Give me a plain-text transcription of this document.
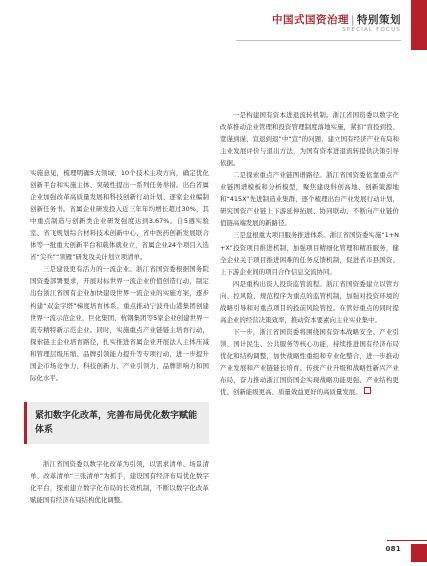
中国式国资治理 | 特别策划
SPECIAL FOCUS

实施意见，梳理明确5大领域、10个技术主攻方向，确定优化创新平台和实施主体、突破性提出一系列任务举措。出台省属企业加强改革高质量发展和科技创新行动计划、逐家企业编制创新任务书。省属企业研发投入近三年年均增长超过30%，其中重点制造与创新类企业研发强度达到3.67%。自5週实验室、省飞规划综合材料技术创新中心、省中医药创新发展联合体等一批重大创新平台和载体就业立，省属企业24个项目入选省“尖兵”“领雁”研发攻关计划立项清单。

三是建设更有活力的一流企业。浙江省国资委根据国务院国资委部署要求，开展对标世界一流企业价值创造行动，制定出台浙江省国有企业加快建设世界一流企业的实施方案，逐步构建“双金字塔”梯度培育体系。重点推动宁波舟山港集团创建世界一流示范企业，巨化集团、杭钢集团等5家企业创建世界一流专精特新示范企业。同时，实施重点产业链链主培育行动，探索链主企业培育路径，扎实推进省属企业开展法人主体压减和管理层级压缩、品牌引领能力提升等专项行动，进一步提升国企市场竞争力、科技创新力、产业引领力、品牌影响力和国际化水平。

紧扣数字化改革，完善布局优化数字赋能体系

浙江省国资委以数字化改革为引领，以需求清单、场景清单、改革清单“三张清单”为抓手，建设国有经济布局优化数字化平台，探索建立数字化布局的长效机制，不断以数字化改革赋能国有经济布局结构优化调整。

一是构建国有资本进退流转机制。浙江省国资委以数字化改革推动企业管理和投资管理制度落地实施，紧扣“盲投到投、宽谨到谨、宣退到退”中“宣”的问题，建立国有经济产业布局和主业发展评价与退出方法，为国有资本进退流转提供决策引导依据。

二是探索重点产业链图谱路径。浙江省国资委依靠重点产业链图谱模板和分析模型，聚焦建设科创高地、创新策源地和“415X”先进制造业集群，逐个梳理出台产业发展行动计划，研究国资产业链上下游延伸拓展、协同联动，不断向产业链价值链高端发展的新路径。

三是盘根重大项目服务推进体系。浙江省国资委实施“1+N+X”投资项目推进机制，加强项目精细化管理和精准服务，健全企业关于项目推进困难的任务反馈机制，促进省市县国资、上下游企业间的项目合作信息交流协同。

四是重构出资人投资监管流程。浙江省国资委建立以管方向、控风险、规范程序为重点的监管机制，加强对投资环境的战略引导和对重点项目的投前风险管控。在管好重点的同时提高企业的经营决策效率，推动资本要素向主业实业集中。

下一步，浙江省国资委将围绕国有资本战略安全、产业引领、国计民生、公共服务等核心功能，持续推进国有经济布局优化和结构调整，加快战略性重组和专业化整合，进一步推动产业发展和产业链链长培育、传统产业升级和战略性新兴产业布局，奋力推动浙江国资国企实现战略功能更强、产业结构更优、创新能级更高、质量效益更好的高质量发展。

081
